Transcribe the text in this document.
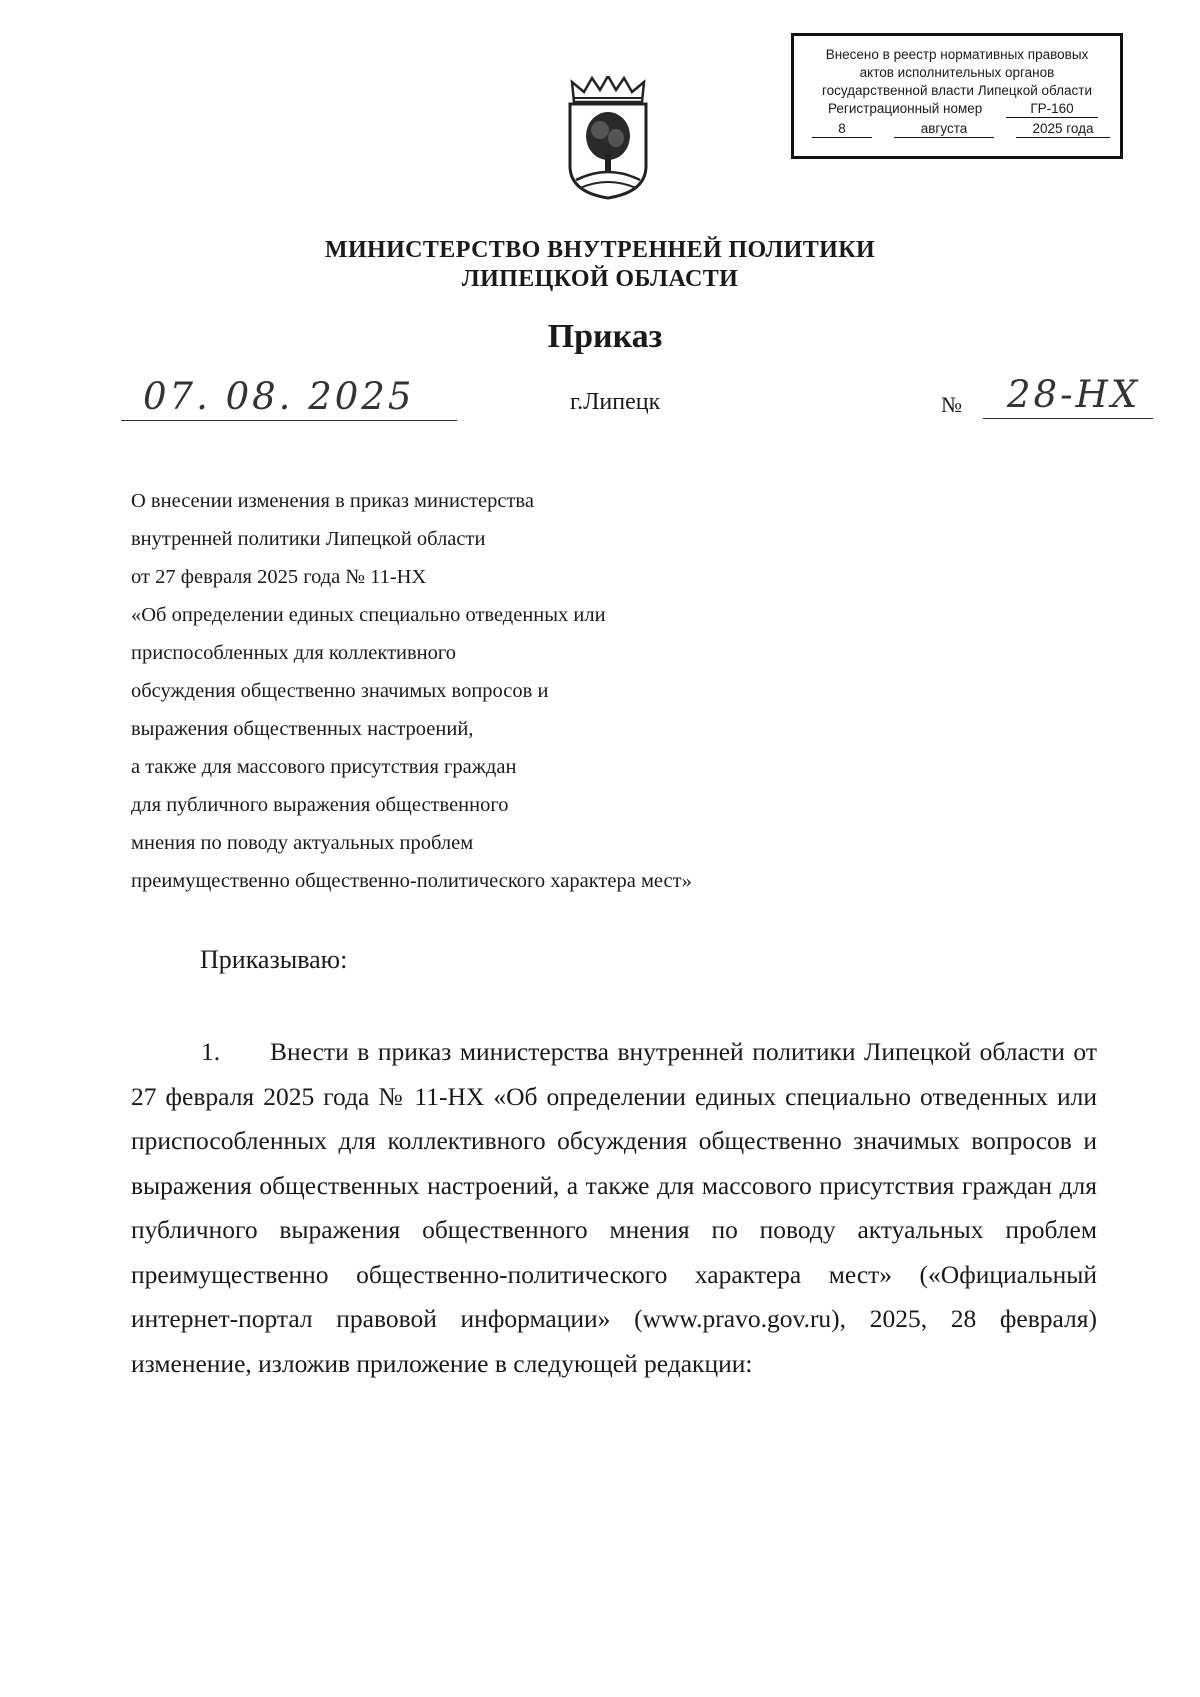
Внесено в реестр нормативных правовых
актов исполнительных органов
государственной власти Липецкой области
Регистрационный номер	ГР-160
8	августа	2025 года
МИНИСТЕРСТВО ВНУТРЕННЕЙ ПОЛИТИКИ
ЛИПЕЦКОЙ ОБЛАСТИ
Приказ
07. 08. 2025	г.Липецк	№ 28-НХ
О внесении изменения в приказ министерства
внутренней политики Липецкой области
от 27 февраля 2025 года № 11-НХ
«Об определении единых специально отведенных или
приспособленных для коллективного
обсуждения общественно значимых вопросов и
выражения общественных настроений,
а также для массового присутствия граждан
для публичного выражения общественного
мнения по поводу актуальных проблем
преимущественно общественно-политического характера мест»
Приказываю:
1. Внести в приказ министерства внутренней политики Липецкой области от 27 февраля 2025 года № 11-НХ «Об определении единых специально отведенных или приспособленных для коллективного обсуждения общественно значимых вопросов и выражения общественных настроений, а также для массового присутствия граждан для публичного выражения общественного мнения по поводу актуальных проблем преимущественно общественно-политического характера мест» («Официальный интернет-портал правовой информации» (www.pravo.gov.ru), 2025, 28 февраля) изменение, изложив приложение в следующей редакции:
